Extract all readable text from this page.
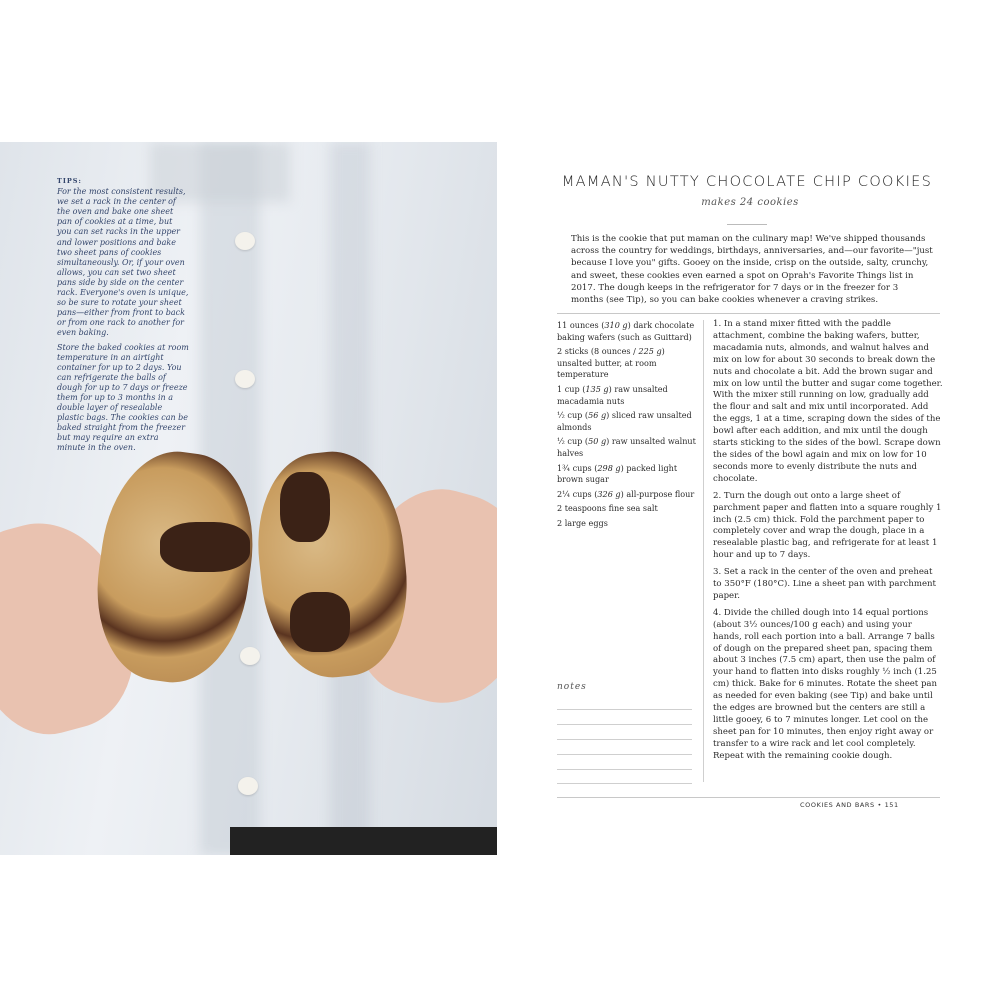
TIPS:

For the most consistent results, we set a rack in the center of the oven and bake one sheet pan of cookies at a time, but you can set racks in the upper and lower positions and bake two sheet pans of cookies simultaneously. Or, if your oven allows, you can set two sheet pans side by side on the center rack. Everyone's oven is unique, so be sure to rotate your sheet pans—either from front to back or from one rack to another for even baking.

Store the baked cookies at room temperature in an airtight container for up to 2 days. You can refrigerate the balls of dough for up to 7 days or freeze them for up to 3 months in a double layer of resealable plastic bags. The cookies can be baked straight from the freezer but may require an extra minute in the oven.

MAMAN'S NUTTY CHOCOLATE CHIP COOKIES
makes 24 cookies
This is the cookie that put maman on the culinary map! We've shipped thousands across the country for weddings, birthdays, anniversaries, and—our favorite—"just because I love you" gifts. Gooey on the inside, crisp on the outside, salty, crunchy, and sweet, these cookies even earned a spot on Oprah's Favorite Things list in 2017. The dough keeps in the refrigerator for 7 days or in the freezer for 3 months (see Tip), so you can bake cookies whenever a craving strikes.
11 ounces (310 g) dark chocolate baking wafers (such as Guittard)
2 sticks (8 ounces / 225 g) unsalted butter, at room temperature
1 cup (135 g) raw unsalted macadamia nuts
½ cup (56 g) sliced raw unsalted almonds
½ cup (50 g) raw unsalted walnut halves
1¾ cups (298 g) packed light brown sugar
2¼ cups (326 g) all-purpose flour
2 teaspoons fine sea salt
2 large eggs

1. In a stand mixer fitted with the paddle attachment, combine the baking wafers, butter, macadamia nuts, almonds, and walnut halves and mix on low for about 30 seconds to break down the nuts and chocolate a bit. Add the brown sugar and mix on low until the butter and sugar come together. With the mixer still running on low, gradually add the flour and salt and mix until incorporated. Add the eggs, 1 at a time, scraping down the sides of the bowl after each addition, and mix until the dough starts sticking to the sides of the bowl. Scrape down the sides of the bowl again and mix on low for 10 seconds more to evenly distribute the nuts and chocolate.

2. Turn the dough out onto a large sheet of parchment paper and flatten into a square roughly 1 inch (2.5 cm) thick. Fold the parchment paper to completely cover and wrap the dough, place in a resealable plastic bag, and refrigerate for at least 1 hour and up to 7 days.

3. Set a rack in the center of the oven and preheat to 350°F (180°C). Line a sheet pan with parchment paper.

4. Divide the chilled dough into 14 equal portions (about 3½ ounces/100 g each) and using your hands, roll each portion into a ball. Arrange 7 balls of dough on the prepared sheet pan, spacing them about 3 inches (7.5 cm) apart, then use the palm of your hand to flatten into disks roughly ½ inch (1.25 cm) thick. Bake for 6 minutes. Rotate the sheet pan as needed for even baking (see Tip) and bake until the edges are browned but the centers are still a little gooey, 6 to 7 minutes longer. Let cool on the sheet pan for 10 minutes, then enjoy right away or transfer to a wire rack and let cool completely. Repeat with the remaining cookie dough.

notes
COOKIES AND BARS • 151
